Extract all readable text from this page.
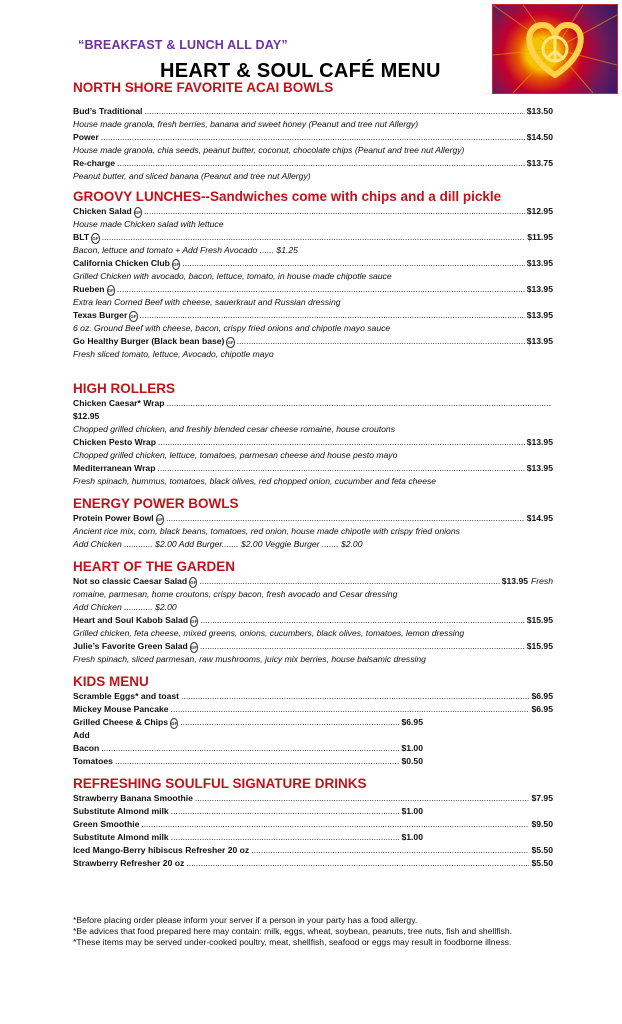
“BREAKFAST & LUNCH ALL DAY”
HEART & SOUL CAFÉ MENU
NORTH SHORE FAVORITE ACAI BOWLS
Bud’s Traditional .....	$13.50
House made granola, fresh berries, banana and sweet honey (Peanut and tree nut Allergy)
Power .....	$14.50
House made granola, chia seeds, peanut butter, coconut, chocolate chips (Peanut and tree nut Allergy)
Re-charge .....	$13.75
Peanut butter, and sliced banana (Peanut and tree nut Allergy)
GROOVY LUNCHES--Sandwiches come with chips and a dill pickle
Chicken Salad GF .....	$12.95
House made Chicken salad with lettuce
BLT GF .....	$11.95
Bacon, lettuce and tomato + Add Fresh Avocado ...... $1.25
California Chicken Club GF .....	$13.95
Grilled Chicken with avocado, bacon, lettuce, tomato, in house made chipotle sauce
Rueben GF .....	$13.95
Extra lean Corned Beef with cheese, sauerkraut and Russian dressing
Texas Burger GF .....	$13.95
6 oz. Ground Beef with cheese, bacon, crispy fried onions and chipotle mayo sauce
Go Healthy Burger (Black bean base) GF .....	$13.95
Fresh sliced tomato, lettuce, Avocado, chipotle mayo
HIGH ROLLERS
Chicken Caesar* Wrap
.....
$12.95
Chopped grilled chicken, and freshly blended cesar cheese romaine, house croutons
Chicken Pesto Wrap .....	$13.95
Chopped grilled chicken, lettuce, tomatoes, parmesan cheese and house pesto mayo
Mediterranean Wrap .....	$13.95
Fresh spinach, hummus, tomatoes, black olives, red chopped onion, cucumber and feta cheese
ENERGY POWER BOWLS
Protein Power Bowl GF .....	$14.95
Ancient rice mix, corn, black beans, tomatoes, red onion, house made chipotle with crispy fried onions
Add Chicken ............ $2.00 Add Burger....... $2.00 Veggie Burger ....... $2.00
HEART OF THE GARDEN
Not so classic Caesar Salad GF .....	$13.95 Fresh
romaine, parmesan, home croutons, crispy bacon, fresh avocado and Cesar dressing
Add Chicken ............ $2.00
Heart and Soul Kabob Salad GF .....	$15.95
Grilled chicken, feta cheese, mixed greens, onions, cucumbers, black olives, tomatoes, lemon dressing
Julie’s Favorite Green Salad GF .....	$15.95
Fresh spinach, sliced parmesan, raw mushrooms, juicy mix berries, house balsamic dressing
KIDS MENU
Scramble Eggs* and toast .....	$6.95
Mickey Mouse Pancake .....	$6.95
Grilled Cheese & Chips GF .....	$6.95
Add
Bacon .....	$1.00
Tomatoes .....	$0.50
REFRESHING SOULFUL SIGNATURE DRINKS
Strawberry Banana Smoothie .....	$7.95
Substitute Almond milk .....	$1.00
Green Smoothie .....	$9.50
Substitute Almond milk .....	$1.00
Iced Mango-Berry hibiscus Refresher 20 oz .....	$5.50
Strawberry Refresher 20 oz .....	$5.50
*Before placing order please inform your server if a person in your party has a food allergy.
*Be advices that food prepared here may contain: milk, eggs, wheat, soybean, peanuts, tree nuts, fish and shellfish.
*These items may be served under-cooked poultry, meat, shellfish, seafood or eggs may result in foodborne illness.
